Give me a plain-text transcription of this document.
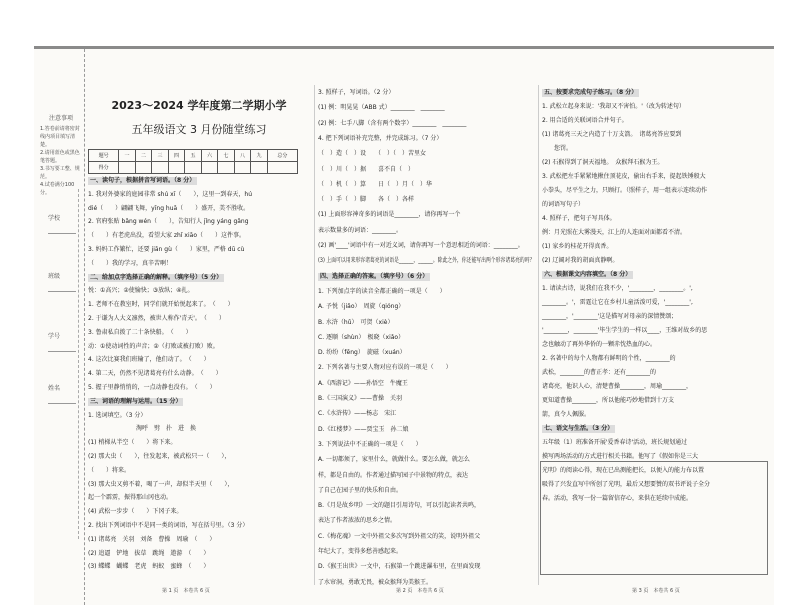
注意事项
1.答卷前请将密封线内项目填写清楚。
2.请用蓝色或黑色笔答题。
3.书写要工整、规范。
4.试卷满分100分。
学校
班级
学号
姓名
2023～2024 学年度第二学期小学
五年级语文 3 月份随堂练习
题号	一	二	三	四	五	六	七	八	九	总分
得分										
一、读句子，根据拼音写词语。（8 分）
1. 我对外婆家的庭园非常 shú xī（　　），这里一到春天，hú
dié（　　）翩翩飞舞，yīng huā（　　）盛开，美不胜收。
2. 官府张贴 bǎng wén（　　），告知行人 jǐng yáng gǎng
（　　）有老虎出没，看望大家 zhǐ xiāo（　　）这件事。
3. 妈妈工作繁忙，还要 jiān gù（　　）家里，严格 dū cù
（　　）我的学习，真辛苦啊！
二、给加点字选择正确的解释。（填序号）（5 分）
悦：①高兴；②使愉快；③放纵；④扎。
1. 老师不在教室时，同学们就开始悦起来了。　（　　）
2. 于谦为人大义凛然，被世人称作'青天'。　（　　）
3. 鲁肃私自拨了二十条快船。　（　　）
动：①使动词性的声音；②（打败或被打败）败。
4. 这次比赛我们班输了，他们动了。　（　　）
4. 第二天，仍然不见诸葛亮有什么动静。　（　　）
5. 握子里静悄悄的，一点动静也没有。　（　　）
三、词语的理解与运用。（15 分）
1. 选词填空。（3 分）
　　　　　　　　淘呼　劈　扑　进　换
(1) 梢梯从半空（　　）将下来。
(2) 那大虫（　　），往发起来，被武松只一（　　），
（　　）将来。
(3) 那大虫又剪不着，喝了一声，却似半天里（　　），
起一个霹雳，振得那山冈也动。
(4) 武松一步步（　　）下冈子来。
2. 找出下列词语中不是同一类的词语，写在括号里。（3 分）
(1) 诸葛亮　关羽　刘备　曹操　周瑜　（　　）
(2) 追逼　铲地　拔草　跳绳　遨游　（　　）
(3) 蝶蝶　蝴蝶　老虎　蚂蚁　蜜蜂　（　　）
第 1 页　本卷共 6 页
3. 照样子，写词语。（2 分）
(1) 例：明晃晃（ABB 式）________　________
(2) 例：七手八脚（含有两个数字）________　________
4. 把下列词语补充完整，并完成练习。（7 分）
（　）造（　）设　　（　）（　）苦里女
（　）川（　）据　　喜不自（　）
（　）机（　）算　　日（　）月（　）华
（　）手（　）脚　　各（　）各样
(1) 上面形容神奇多的词语是________，请你再写一个
表示数量多的词语：________。
(2) 画'____'词语中有一对近义词，请你再写一个意思相近的词语：________。
(3) 上面可以用来形容诸葛亮的词语是______，______。除此之外，你还能写出两个形容诸葛亮的吗？
四、选择正确的答案。（填序号）（6 分）
1. 下列加点字的读音全都正确的一项是（　　）
A. 予悦（jiǎo）　周旋（qióng）
B. 水浒（hǔ）　可贺（xiè）
C. 逐顺（shùn）　极晓（xiǎo）
D. 纷纷（fēng）　旋磁（xuán）
2. 下列名著与主要人物对应有误的一项是（　　）
A.《西游记》——孙悟空　牛魔王
B.《三国演义》——曹操　关羽
C.《水浒传》——杨志　宋江
D.《红楼梦》——贾宝玉　孙二娘
3. 下列说法中不正确的一项是（　　）
A. 一切都须了，家里什么，就做什么。要怎么做，就怎么
样，都是自由的。作者通过描写园子中景物的特点，表达
了自己在园子里的快乐和自由。
B.《月是故乡明》一文的题目引用诗句，可以引起读者共鸣，
表达了作者浓浓的思乡之情。
C.《梅花魂》一文中外祖父多次写到外祖父的笑，说明外祖父
年纪大了，变得多愁善感起来。
D.《猴王出世》一文中，石猴第一个跳进瀑布里，在里面发现
了水帘洞，勇敢无畏，被众猴拜为美猴王。
第 2 页　本卷共 6 页
五、按要求完成句子练习。（8 分）
1. 武松立起身来说：'我却又不害怕。'（改为转述句）
2. 用合适的关联词语合并句子。
(1) 诸葛亮三天之内造了十万支箭。　诸葛亮答应要到
　　您罚。
(2) 石猴得到了洞天福地。　众猴拜石猴为王。
3. 武松把左手紧紧地揪住顶花皮，偷出右手来，提起铁锤般大
小拳头，尽平生之力，只顾打。（照样子，用一组表示连续动作
的词语写句子）
4. 照样子，把句子写具体。
例：月光照在大雾漫天，江上的人连面对面都看不清。
(1) 家乡的桂花开得真香。
(2) 辽阔对我的胡面真静啊。
六、根据课文内容填空。（8 分）
1. 请读古诗，说我们在我不少，'________，________。',
________。'，雷霆让它在乡村儿童活泼可爱，'________',
________，'________'这是描写对母亲的深情赞颂；
'________，________'毕生学生的一样以____，王维对故乡的思
念也触动了再外华侨的一颗赤忱热血的心。
2. 名著中的每个人物都有鲜明的个性，________的
武松，________的曹正孝：还有________的
诸葛亮，他识人心，清楚曹操________，周瑜________，
更知道曹操________，所以他能巧妙地借到十万支
箭，真令人佩服。
七、语文与生活。（3 分）
五年级（1）班准备开展'爱香春诗'活动，班长规划通过
摸写两场活动的方式进行相关书籍。他写了《假如你是三大
光明》的阅读心得，现在已出测能把长，以便入的能力布以置
吸得了兴发直写中所创了光明，最后又想要赞的双书评说子全分
春。活动，我写一份一篇留信存心，来供在延续中成能。
第 3 页　本卷共 6 页
